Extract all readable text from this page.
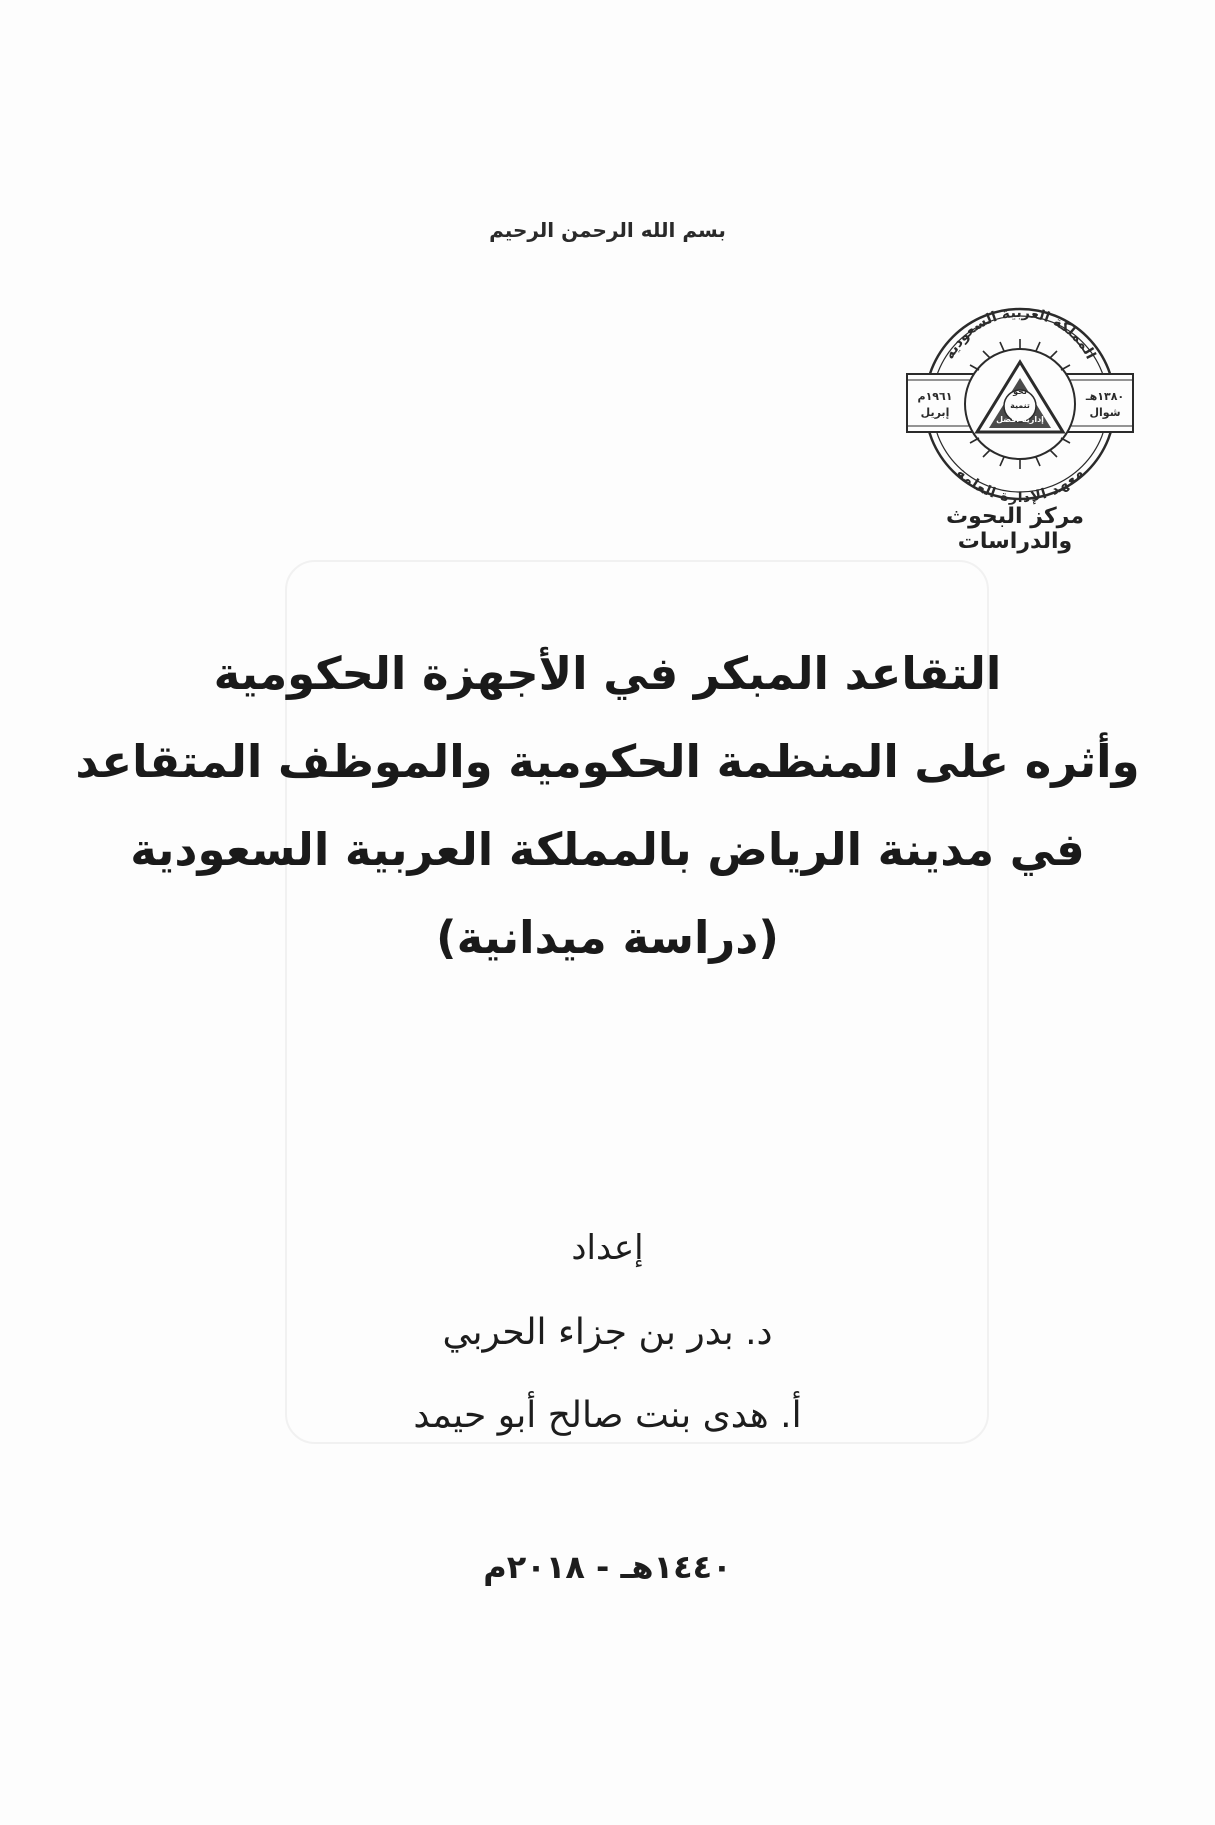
بسم الله الرحمن الرحيم
المملكة العربية السعودية
معهد الإدارة العامة
١٩٦١م
إبريل
١٣٨٠هـ
شوال
نحو
تنمية
إدارية أفضل
مركز البحوث والدراسات
التقاعد المبكر في الأجهزة الحكومية
وأثره على المنظمة الحكومية والموظف المتقاعد
في مدينة الرياض بالمملكة العربية السعودية
(دراسة ميدانية)
إعداد
د. بدر بن جزاء الحربي
أ. هدى بنت صالح أبو حيمد
١٤٤٠هـ - ٢٠١٨م
